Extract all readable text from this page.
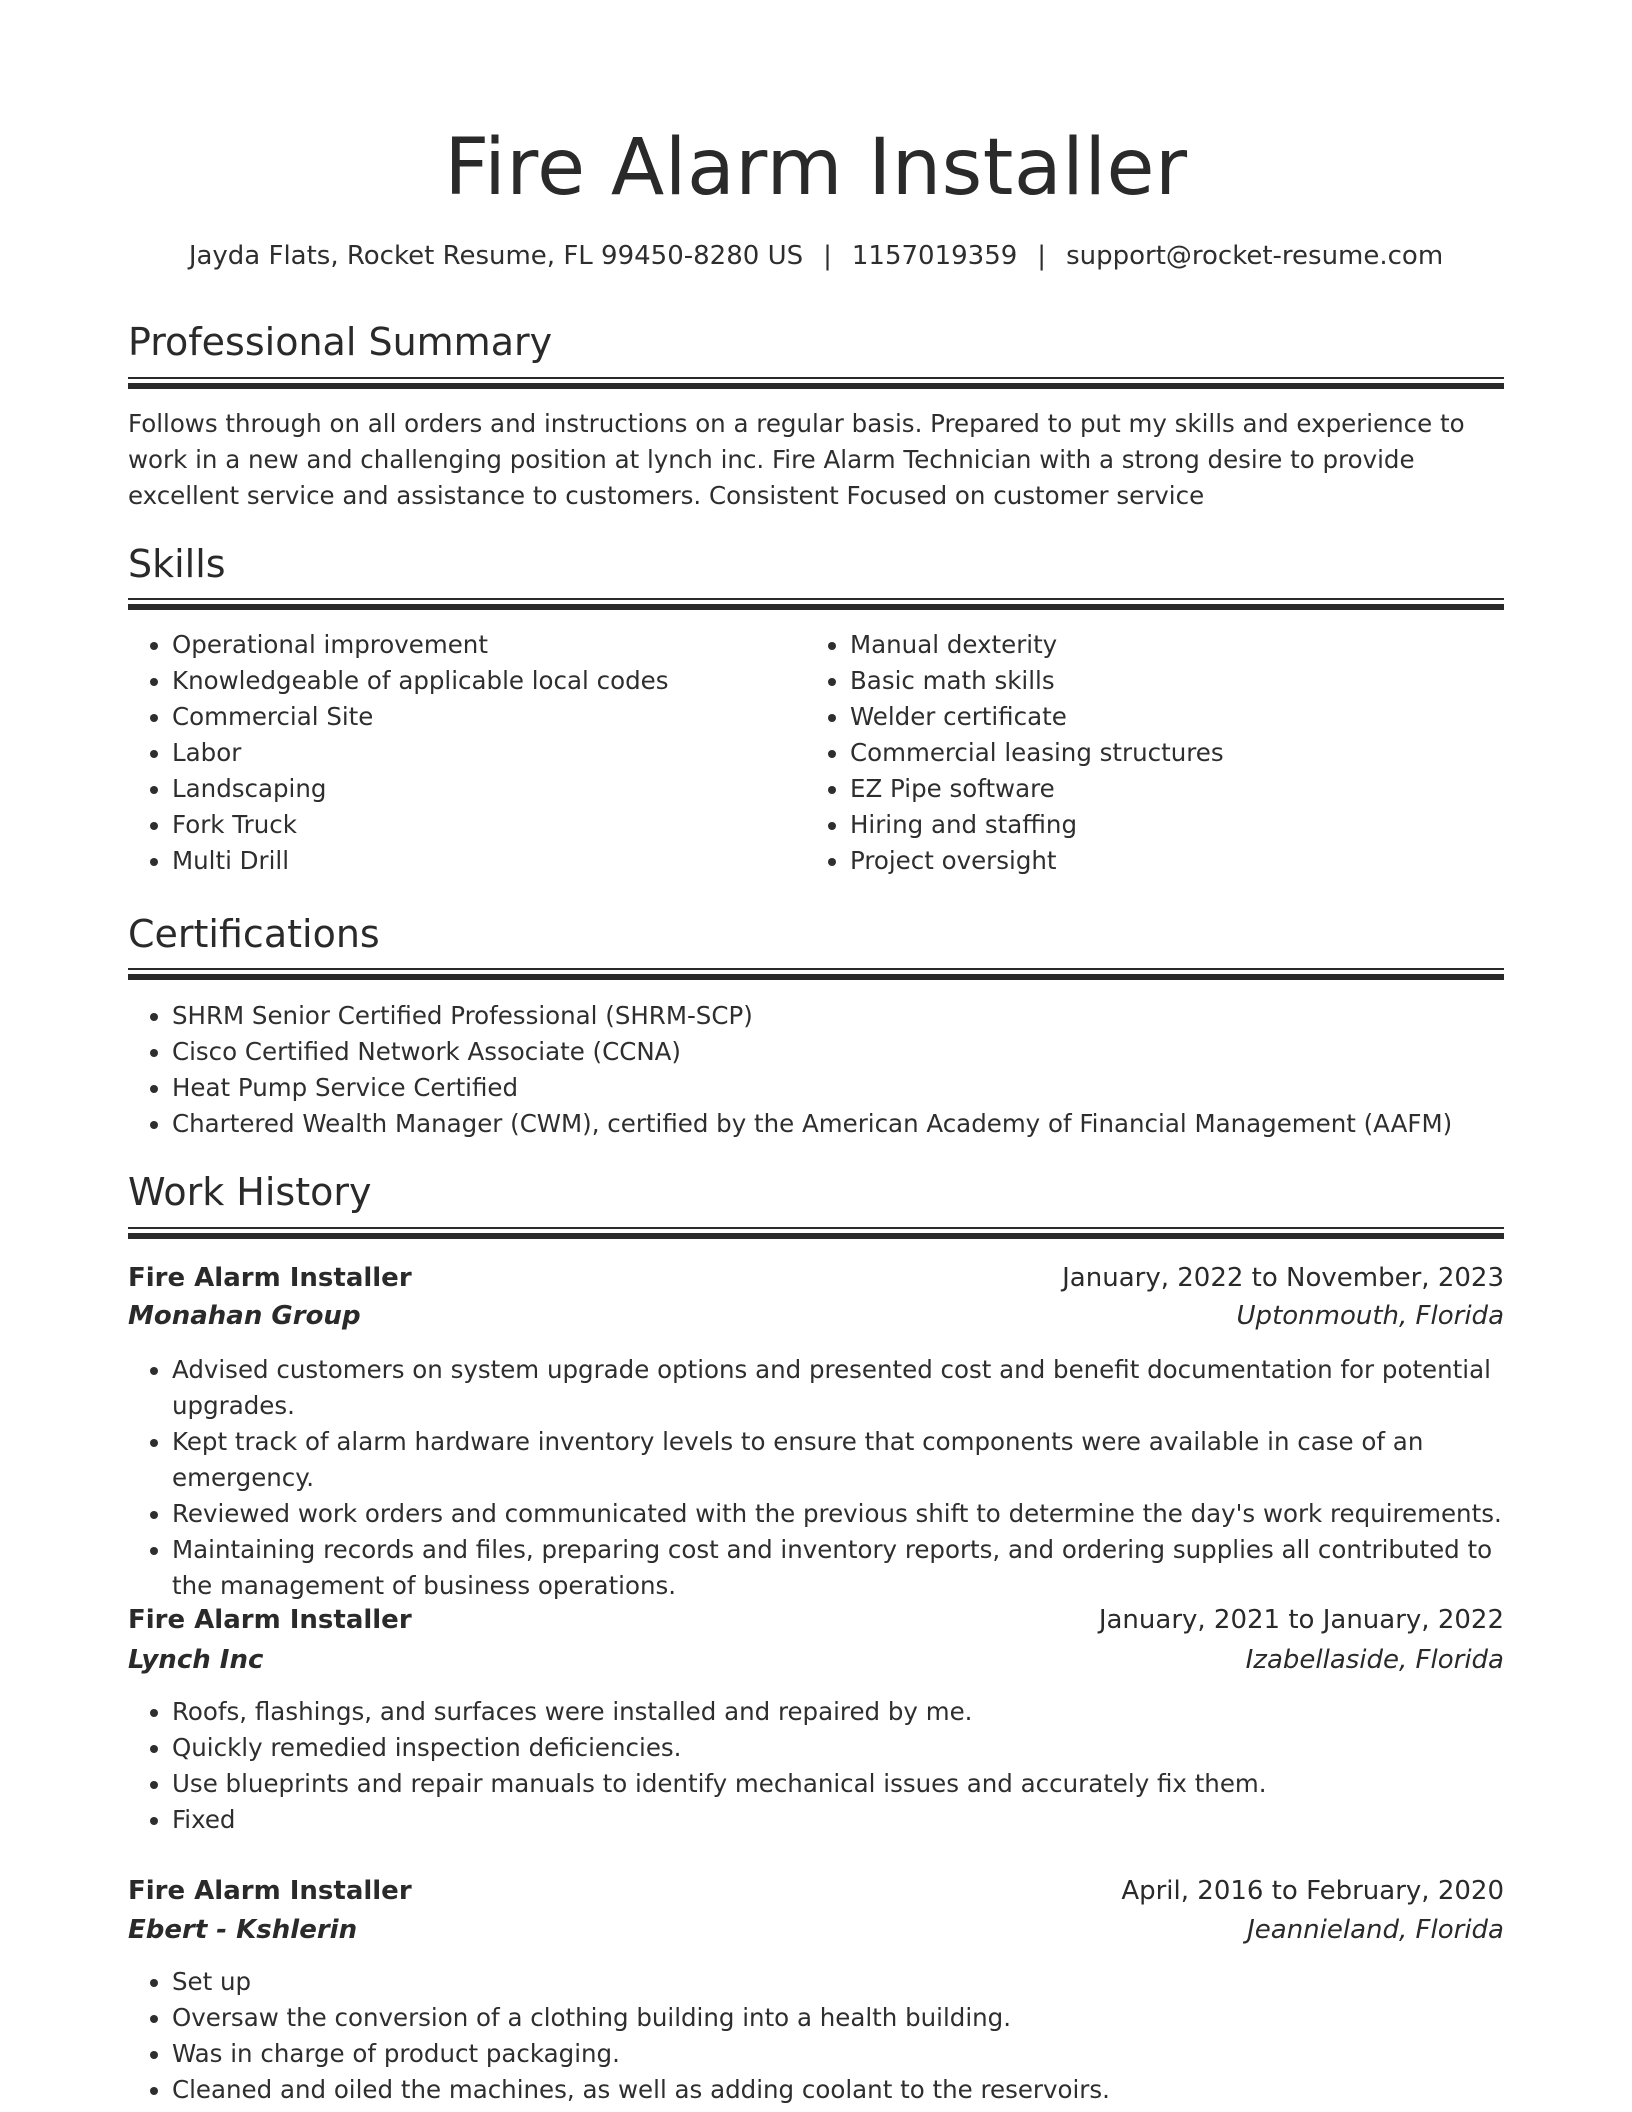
Fire Alarm Installer
Jayda Flats, Rocket Resume, FL 99450-8280 US | 1157019359 | support@rocket-resume.com
Professional Summary
Follows through on all orders and instructions on a regular basis. Prepared to put my skills and experience to work in a new and challenging position at lynch inc. Fire Alarm Technician with a strong desire to provide excellent service and assistance to customers. Consistent Focused on customer service
Skills
• Operational improvement
• Knowledgeable of applicable local codes
• Commercial Site
• Labor
• Landscaping
• Fork Truck
• Multi Drill
• Manual dexterity
• Basic math skills
• Welder certificate
• Commercial leasing structures
• EZ Pipe software
• Hiring and staffing
• Project oversight
Certifications
• SHRM Senior Certified Professional (SHRM-SCP)
• Cisco Certified Network Associate (CCNA)
• Heat Pump Service Certified
• Chartered Wealth Manager (CWM), certified by the American Academy of Financial Management (AAFM)
Work History
Fire Alarm Installer	January, 2022 to November, 2023
Monahan Group	Uptonmouth, Florida
• Advised customers on system upgrade options and presented cost and benefit documentation for potential upgrades.
• Kept track of alarm hardware inventory levels to ensure that components were available in case of an emergency.
• Reviewed work orders and communicated with the previous shift to determine the day's work requirements.
• Maintaining records and files, preparing cost and inventory reports, and ordering supplies all contributed to the management of business operations.
Fire Alarm Installer	January, 2021 to January, 2022
Lynch Inc	Izabellaside, Florida
• Roofs, flashings, and surfaces were installed and repaired by me.
• Quickly remedied inspection deficiencies.
• Use blueprints and repair manuals to identify mechanical issues and accurately fix them.
• Fixed
Fire Alarm Installer	April, 2016 to February, 2020
Ebert - Kshlerin	Jeannieland, Florida
• Set up
• Oversaw the conversion of a clothing building into a health building.
• Was in charge of product packaging.
• Cleaned and oiled the machines, as well as adding coolant to the reservoirs.
